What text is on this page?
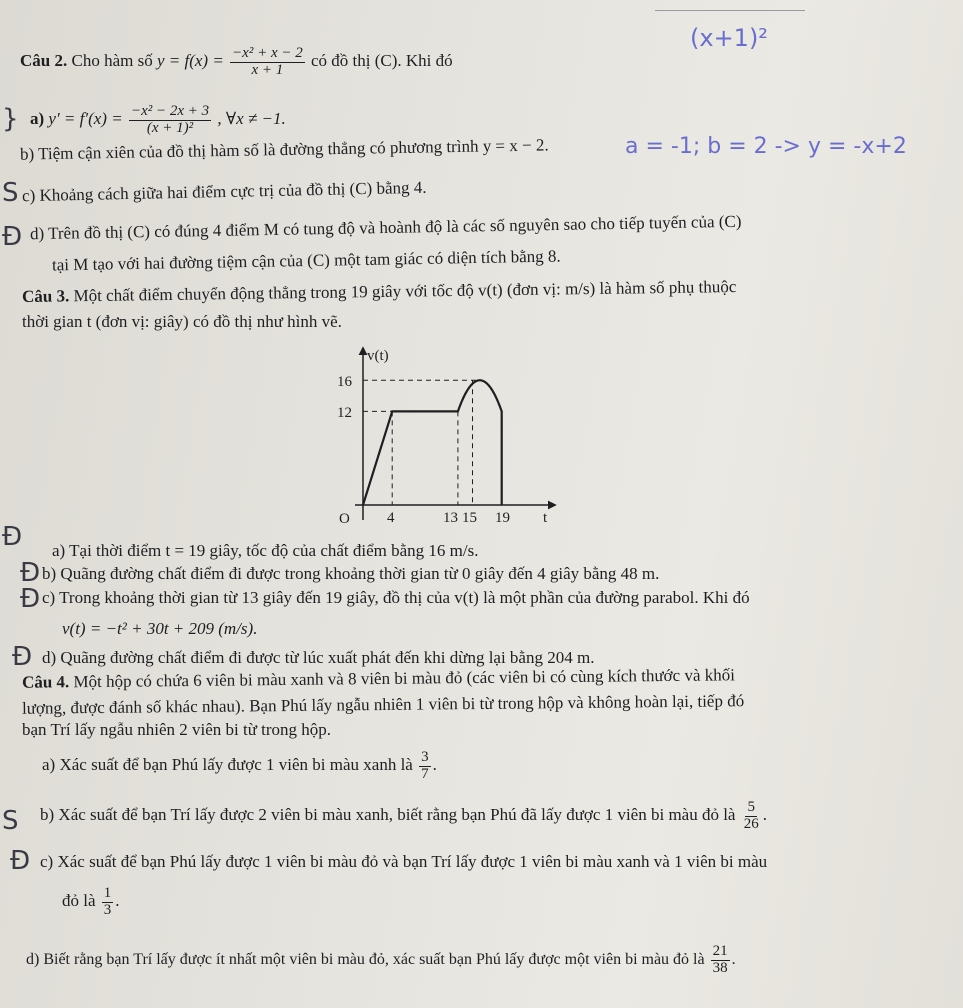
(x+1)²
Câu 2. Cho hàm số $y = f(x) = \frac{\text{−x² + x − 2}}{x + 1}$ có đồ thị (C). Khi đó
} a) $y' = f'(x) = \frac{\text{−x² − 2x + 3}}{\text{(x + 1)²}}$ , ∀x ≠ −1.
b) Tiệm cận xiên của đồ thị hàm số là đường thẳng có phương trình y = x − 2.	a = -1; b = 2 -> y = -x+2
S c) Khoảng cách giữa hai điểm cực trị của đồ thị (C) bằng 4.
Ð d) Trên đồ thị (C) có đúng 4 điểm M có tung độ và hoành độ là các số nguyên sao cho tiếp tuyến của (C)
tại M tạo với hai đường tiệm cận của (C) một tam giác có diện tích bằng 8.
Câu 3. Một chất điểm chuyển động thẳng trong 19 giây với tốc độ v(t) (đơn vị: m/s) là hàm số phụ thuộc
thời gian t (đơn vị: giây) có đồ thị như hình vẽ.
v(t)
t
O
16
12
4	13 15 19
Ð a) Tại thời điểm t = 19 giây, tốc độ của chất điểm bằng 16 m/s.
Ð b) Quãng đường chất điểm đi được trong khoảng thời gian từ 0 giây đến 4 giây bằng 48 m.
Ð c) Trong khoảng thời gian từ 13 giây đến 19 giây, đồ thị của v(t) là một phần của đường parabol. Khi đó
v(t) = −t² + 30t + 209 (m/s).
Ð d) Quãng đường chất điểm đi được từ lúc xuất phát đến khi dừng lại bằng 204 m.
Câu 4. Một hộp có chứa 6 viên bi màu xanh và 8 viên bi màu đỏ (các viên bi có cùng kích thước và khối
lượng, được đánh số khác nhau). Bạn Phú lấy ngẫu nhiên 1 viên bi từ trong hộp và không hoàn lại, tiếp đó
bạn Trí lấy ngẫu nhiên 2 viên bi từ trong hộp.
a) Xác suất để bạn Phú lấy được 1 viên bi màu xanh là $\frac{3}{7}$ .
S b) Xác suất để bạn Trí lấy được 2 viên bi màu xanh, biết rằng bạn Phú đã lấy được 1 viên bi màu đỏ là $\frac{5}{26}$ .
Ð c) Xác suất để bạn Phú lấy được 1 viên bi màu đỏ và bạn Trí lấy được 1 viên bi màu xanh và 1 viên bi màu
đỏ là $\frac{1}{3}$ .
d) Biết rằng bạn Trí lấy được ít nhất một viên bi màu đỏ, xác suất bạn Phú lấy được một viên bi màu đỏ là $\frac{21}{38}$ .
